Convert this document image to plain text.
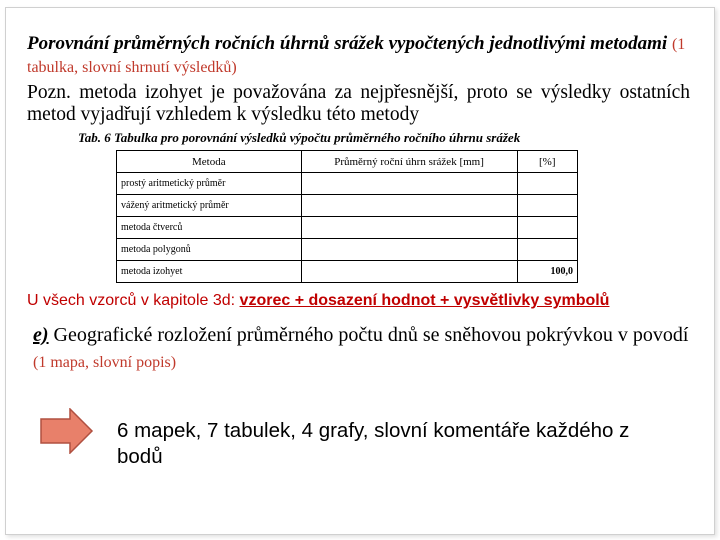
Porovnání průměrných ročních úhrnů srážek vypočtených jednotlivými metodami (1 tabulka, slovní shrnutí výsledků)
Pozn. metoda izohyet je považována za nejpřesnější, proto se výsledky ostatních metod vyjadřují vzhledem k výsledku této metody
Tab. 6 Tabulka pro porovnání výsledků výpočtu průměrného ročního úhrnu srážek
Metoda	Průměrný roční úhrn srážek [mm]	[%]
prostý aritmetický průměr		
vážený aritmetický průměr		
metoda čtverců		
metoda polygonů		
metoda izohyet		100,0
U všech vzorců v kapitole 3d: vzorec + dosazení hodnot + vysvětlivky symbolů
e) Geografické rozložení průměrného počtu dnů se sněhovou pokrývkou v povodí (1 mapa, slovní popis)
6 mapek, 7 tabulek, 4 grafy, slovní komentáře každého z bodů
